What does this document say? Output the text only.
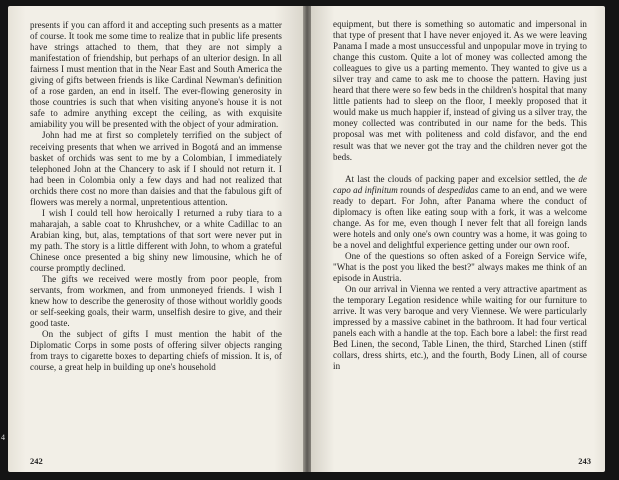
4

presents if you can afford it and accepting such presents as a matter of course. It took me some time to realize that in public life presents have strings attached to them, that they are not simply a manifestation of friendship, but perhaps of an ulterior design. In all fairness I must mention that in the Near East and South America the giving of gifts between friends is like Cardinal Newman's definition of a rose garden, an end in itself. The ever-flowing generosity in those countries is such that when visiting anyone's house it is not safe to admire anything except the ceiling, as with exquisite amiability you will be presented with the object of your admiration.

John had me at first so completely terrified on the subject of receiving presents that when we arrived in Bogotá and an immense basket of orchids was sent to me by a Colombian, I immediately telephoned John at the Chancery to ask if I should not return it. I had been in Colombia only a few days and had not realized that orchids there cost no more than daisies and that the fabulous gift of flowers was merely a normal, unpretentious attention.

I wish I could tell how heroically I returned a ruby tiara to a maharajah, a sable coat to Khrushchev, or a white Cadillac to an Arabian king, but, alas, temptations of that sort were never put in my path. The story is a little different with John, to whom a grateful Chinese once presented a big shiny new limousine, which he of course promptly declined.

The gifts we received were mostly from poor people, from servants, from workmen, and from unmoneyed friends. I wish I knew how to describe the generosity of those without worldly goods or self-seeking goals, their warm, unselfish desire to give, and their good taste.

On the subject of gifts I must mention the habit of the Diplomatic Corps in some posts of offering silver objects ranging from trays to cigarette boxes to departing chiefs of mission. It is, of course, a great help in building up one's household

242

equipment, but there is something so automatic and impersonal in that type of present that I have never enjoyed it. As we were leaving Panama I made a most unsuccessful and unpopular move in trying to change this custom. Quite a lot of money was collected among the colleagues to give us a parting memento. They wanted to give us a silver tray and came to ask me to choose the pattern. Having just heard that there were so few beds in the children's hospital that many little patients had to sleep on the floor, I meekly proposed that it would make us much happier if, instead of giving us a silver tray, the money collected was contributed in our name for the beds. This proposal was met with politeness and cold disfavor, and the end result was that we never got the tray and the children never got the beds.

At last the clouds of packing paper and excelsior settled, the de capo ad infinitum rounds of despedidas came to an end, and we were ready to depart. For John, after Panama where the conduct of diplomacy is often like eating soup with a fork, it was a welcome change. As for me, even though I never felt that all foreign lands were hotels and only one's own country was a home, it was going to be a novel and delightful experience getting under our own roof.

One of the questions so often asked of a Foreign Service wife, "What is the post you liked the best?" always makes me think of an episode in Austria.

On our arrival in Vienna we rented a very attractive apartment as the temporary Legation residence while waiting for our furniture to arrive. It was very baroque and very Viennese. We were particularly impressed by a massive cabinet in the bathroom. It had four vertical panels each with a handle at the top. Each bore a label: the first read Bed Linen, the second, Table Linen, the third, Starched Linen (stiff collars, dress shirts, etc.), and the fourth, Body Linen, all of course in

243
